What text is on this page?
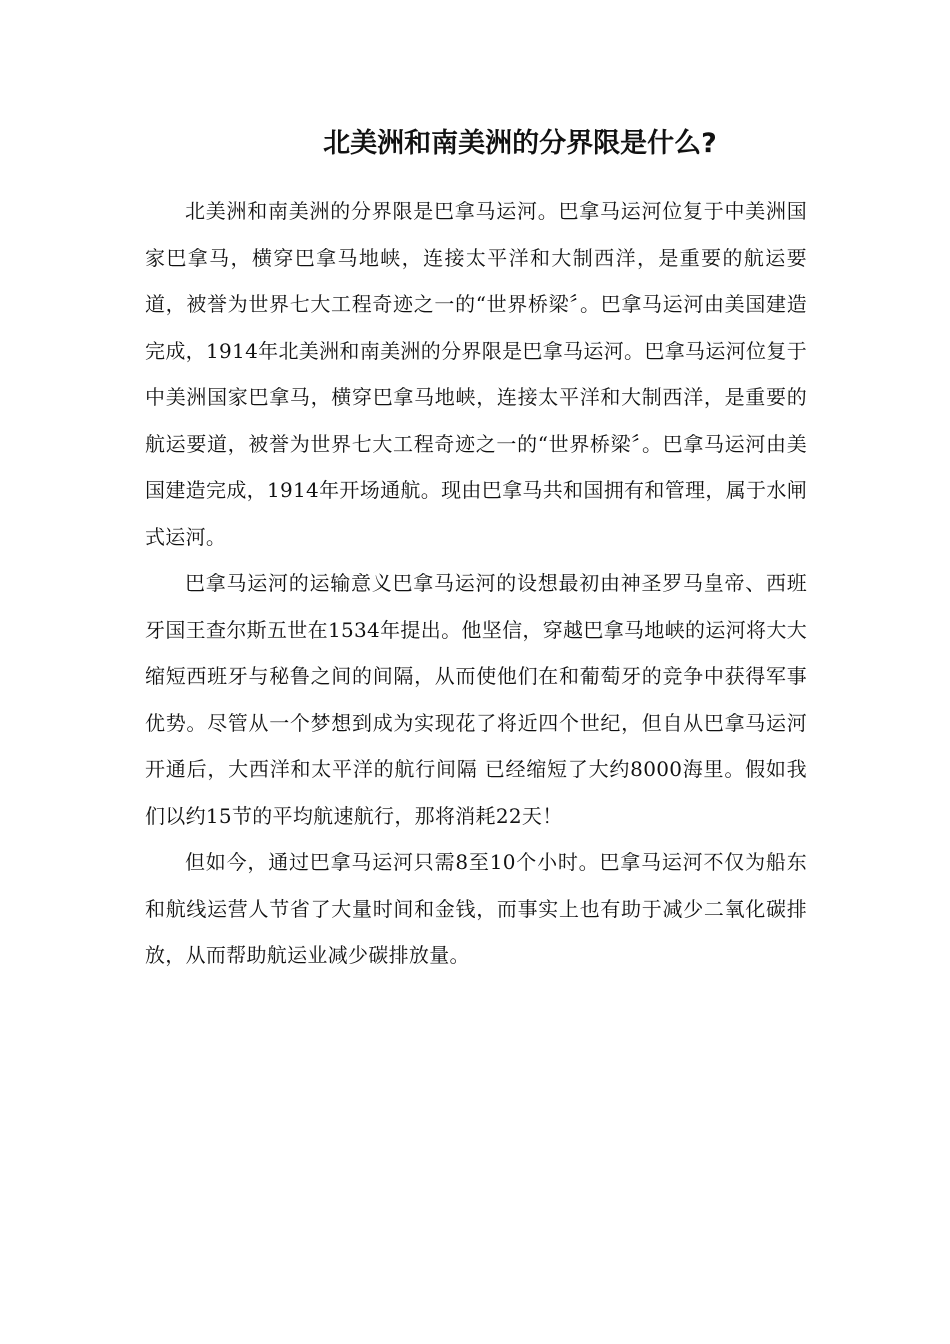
北美洲和南美洲的分界限是什么?

北美洲和南美洲的分界限是巴拿马运河。巴拿马运河位复于中美洲国家巴拿马，横穿巴拿马地峡，连接太平洋和大制西洋，是重要的航运要道，被誉为世界七大工程奇迹之一的“世界桥梁〞。巴拿马运河由美国建造完成，1914年北美洲和南美洲的分界限是巴拿马运河。巴拿马运河位复于中美洲国家巴拿马，横穿巴拿马地峡，连接太平洋和大制西洋，是重要的航运要道，被誉为世界七大工程奇迹之一的“世界桥梁〞。巴拿马运河由美国建造完成，1914年开场通航。现由巴拿马共和国拥有和管理，属于水闸式运河。

巴拿马运河的运输意义巴拿马运河的设想最初由神圣罗马皇帝、西班牙国王查尔斯五世在1534年提出。他坚信，穿越巴拿马地峡的运河将大大缩短西班牙与秘鲁之间的间隔，从而使他们在和葡萄牙的竞争中获得军事优势。尽管从一个梦想到成为实现花了将近四个世纪，但自从巴拿马运河开通后，大西洋和太平洋的航行间隔 已经缩短了大约8000海里。假如我们以约15节的平均航速航行，那将消耗22天！

但如今，通过巴拿马运河只需8至10个小时。巴拿马运河不仅为船东和航线运营人节省了大量时间和金钱，而事实上也有助于减少二氧化碳排放，从而帮助航运业减少碳排放量。
